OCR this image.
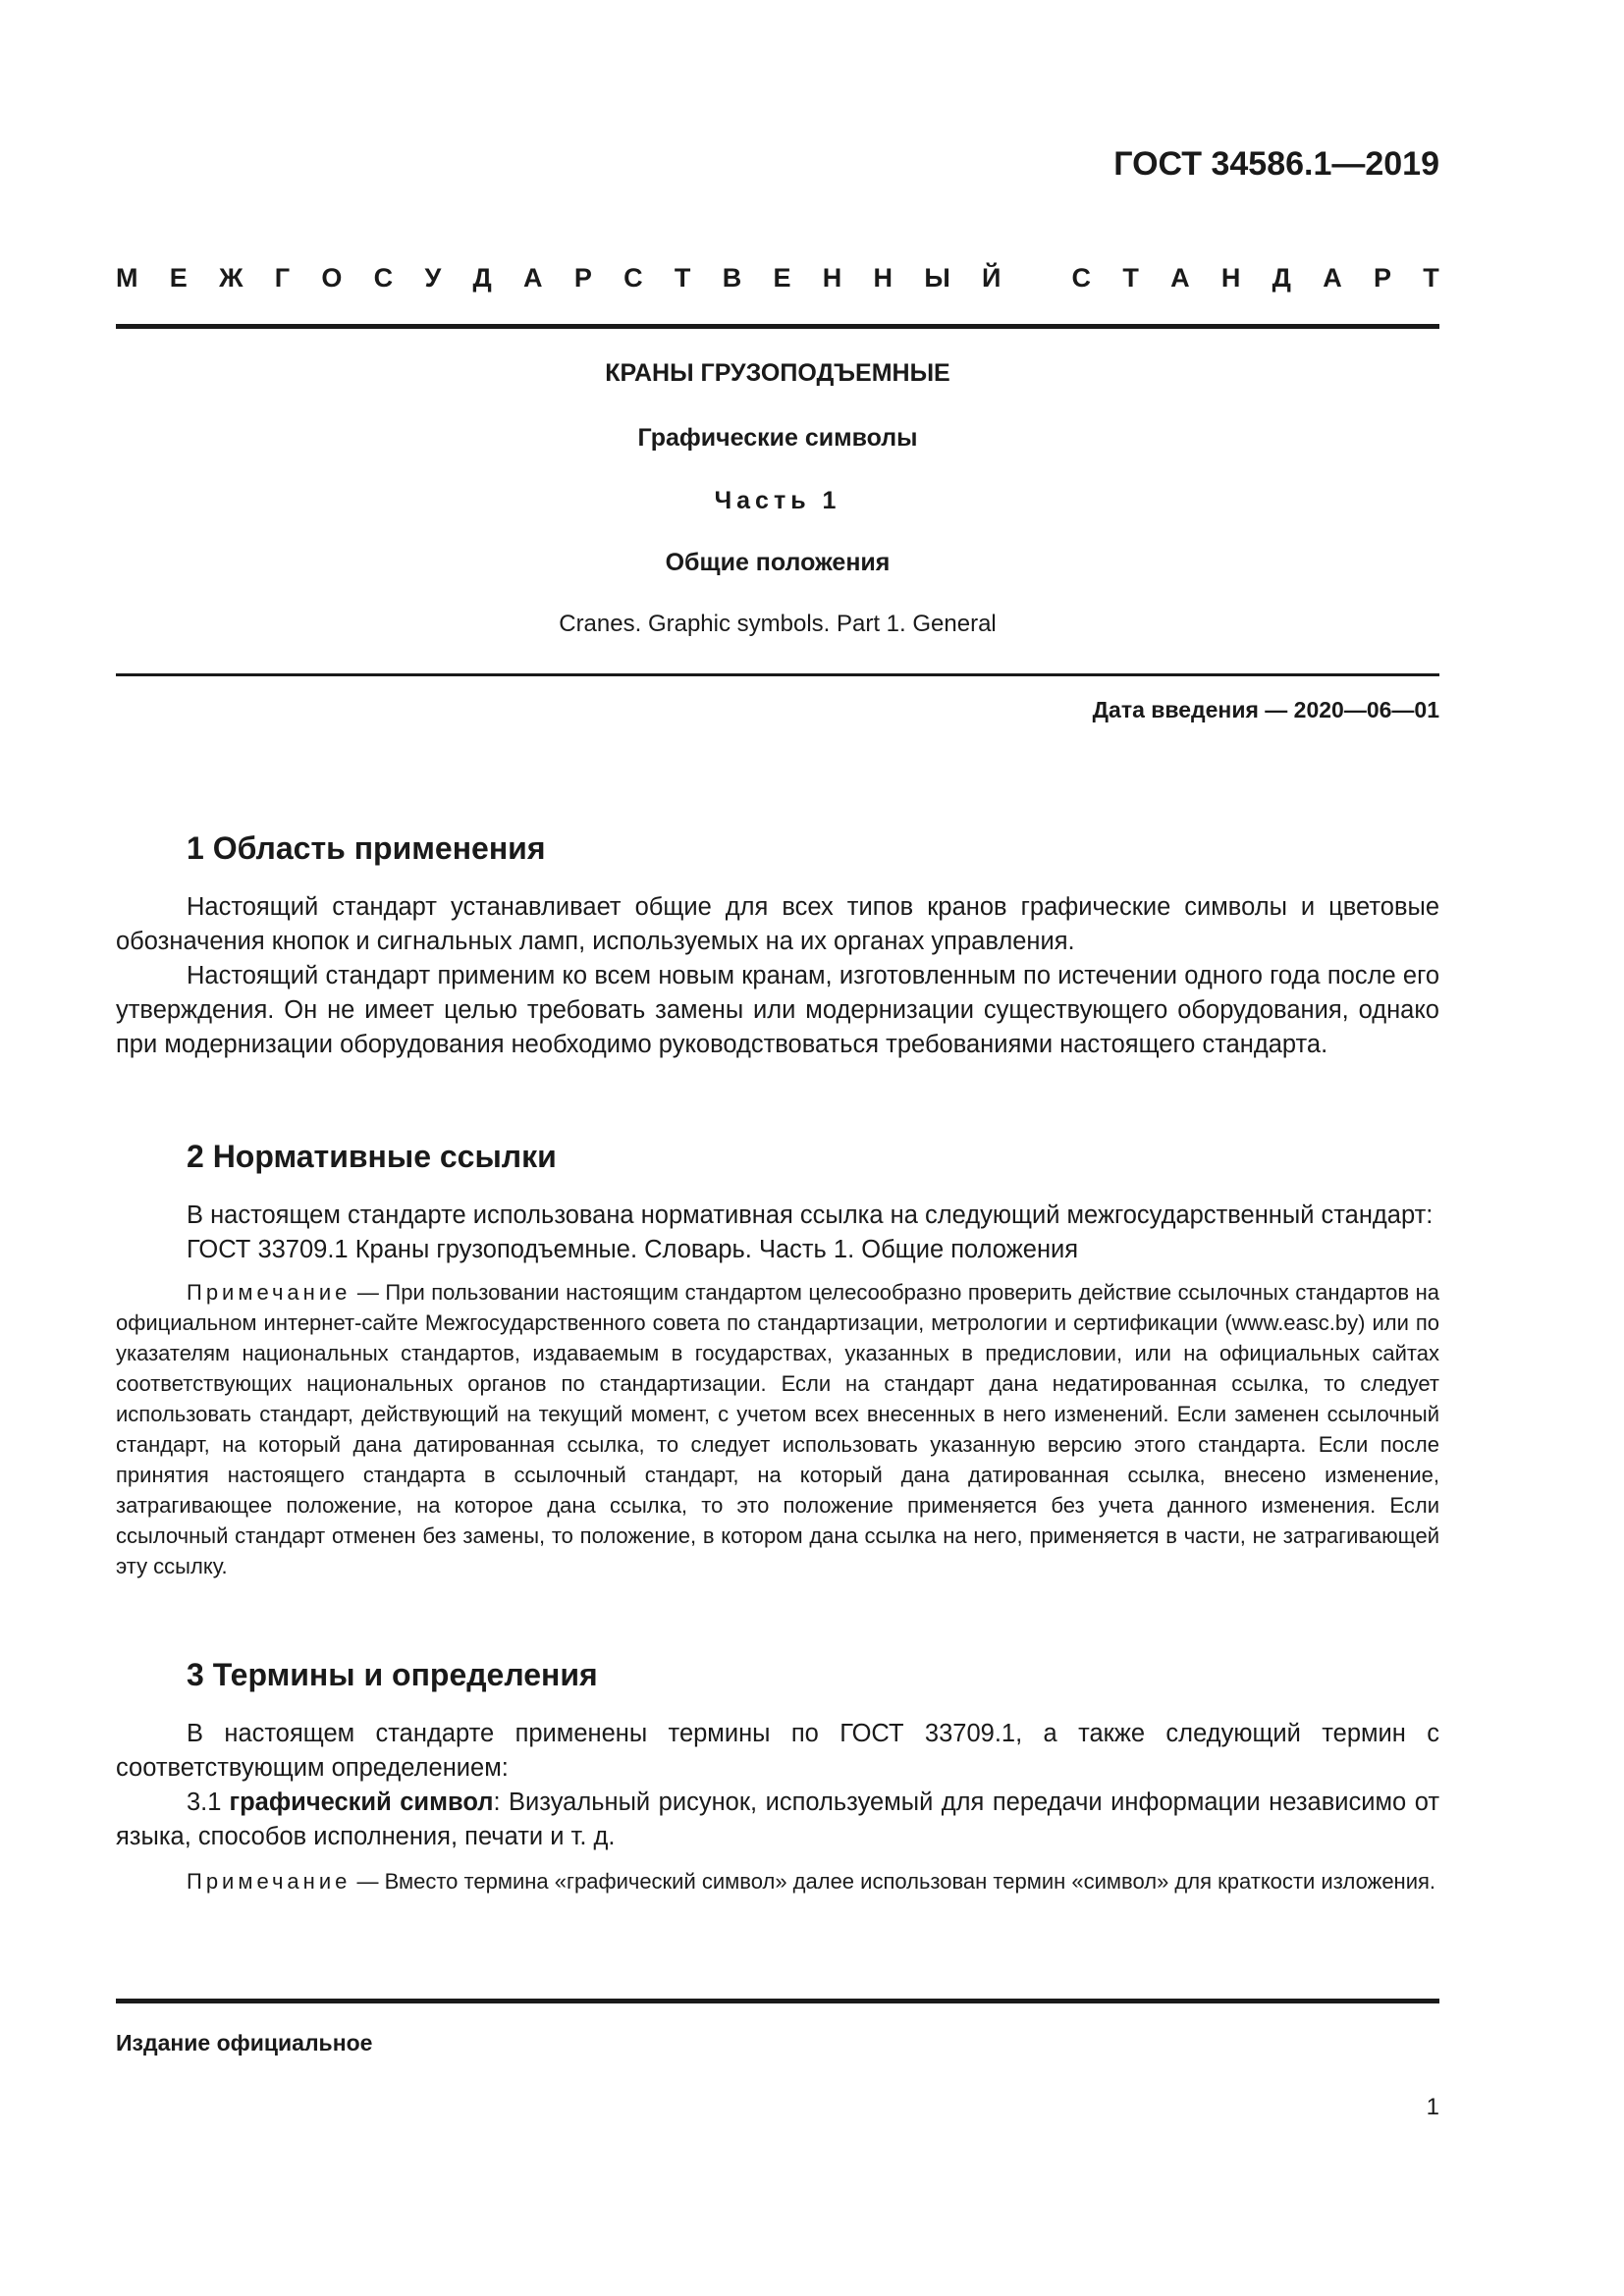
ГОСТ 34586.1—2019
М Е Ж Г О С У Д А Р С Т В Е Н Н Ы Й
	С Т А Н Д А Р Т
КРАНЫ ГРУЗОПОДЪЕМНЫЕ
Графические символы
Часть 1
Общие положения
Cranes. Graphic symbols. Part 1. General
Дата введения — 2020—06—01
1 Область применения

Настоящий стандарт устанавливает общие для всех типов кранов графические символы и цветовые обозначения кнопок и сигнальных ламп, используемых на их органах управления.

Настоящий стандарт применим ко всем новым кранам, изготовленным по истечении одного года после его утверждения. Он не имеет целью требовать замены или модернизации существующего оборудования, однако при модернизации оборудования необходимо руководствоваться требованиями настоящего стандарта.

2 Нормативные ссылки

В настоящем стандарте использована нормативная ссылка на следующий межгосударственный стандарт:

ГОСТ 33709.1 Краны грузоподъемные. Словарь. Часть 1. Общие положения

Примечание — При пользовании настоящим стандартом целесообразно проверить действие ссылочных стандартов на официальном интернет-сайте Межгосударственного совета по стандартизации, метрологии и сертификации (www.easc.by) или по указателям национальных стандартов, издаваемым в государствах, указанных в предисловии, или на официальных сайтах соответствующих национальных органов по стандартизации. Если на стандарт дана недатированная ссылка, то следует использовать стандарт, действующий на текущий момент, с учетом всех внесенных в него изменений. Если заменен ссылочный стандарт, на который дана датированная ссылка, то следует использовать указанную версию этого стандарта. Если после принятия настоящего стандарта в ссылочный стандарт, на который дана датированная ссылка, внесено изменение, затрагивающее положение, на которое дана ссылка, то это положение применяется без учета данного изменения. Если ссылочный стандарт отменен без замены, то положение, в котором дана ссылка на него, применяется в части, не затрагивающей эту ссылку.

3 Термины и определения

В настоящем стандарте применены термины по ГОСТ 33709.1, а также следующий термин с соответствующим определением:

3.1 графический символ: Визуальный рисунок, используемый для передачи информации независимо от языка, способов исполнения, печати и т. д.

Примечание — Вместо термина «графический символ» далее использован термин «символ» для краткости изложения.

Издание официальное
1
